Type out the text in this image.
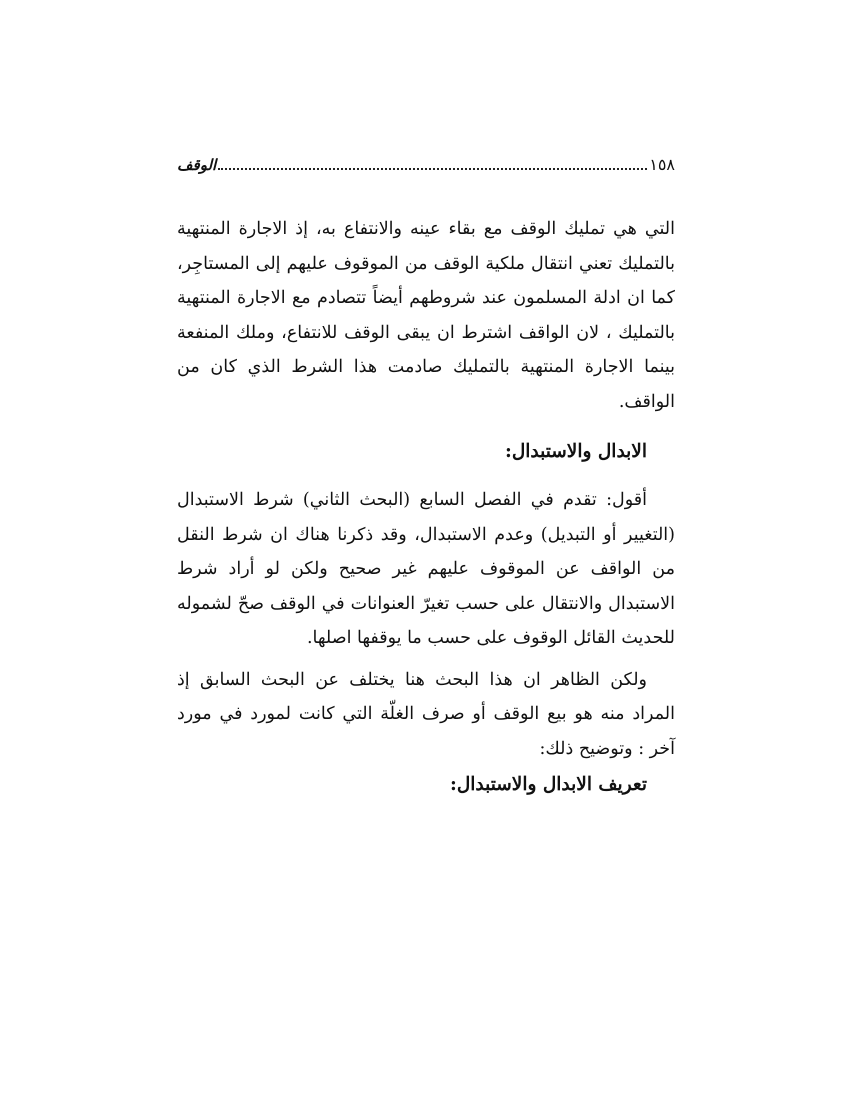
١٥٨
الوقف

التي هي تمليك الوقف مع بقاء عينه والانتفاع به، إذ الاجارة المنتهية بالتمليك تعني انتقال ملكية الوقف من الموقوف عليهم إلى المستاجِر، كما ان ادلة المسلمون عند شروطهم أيضاً تتصادم مع الاجارة المنتهية بالتمليك ، لان الواقف اشترط ان يبقى الوقف للانتفاع، وملك المنفعة بينما الاجارة المنتهية بالتمليك صادمت هذا الشرط الذي كان من الواقف.

الابدال والاستبدال:

أقول: تقدم في الفصل السابع (البحث الثاني) شرط الاستبدال (التغيير أو التبديل) وعدم الاستبدال، وقد ذكرنا هناك ان شرط النقل من الواقف عن الموقوف عليهم غير صحيح ولكن لو أراد شرط الاستبدال والانتقال على حسب تغيرّ العنوانات في الوقف صحّ لشموله للحديث القائل الوقوف على حسب ما يوقفها اصلها.

ولكن الظاهر ان هذا البحث هنا يختلف عن البحث السابق إذ المراد منه هو بيع الوقف أو صرف الغلّة التي كانت لمورد في مورد آخر : وتوضيح ذلك:

تعريف الابدال والاستبدال:
